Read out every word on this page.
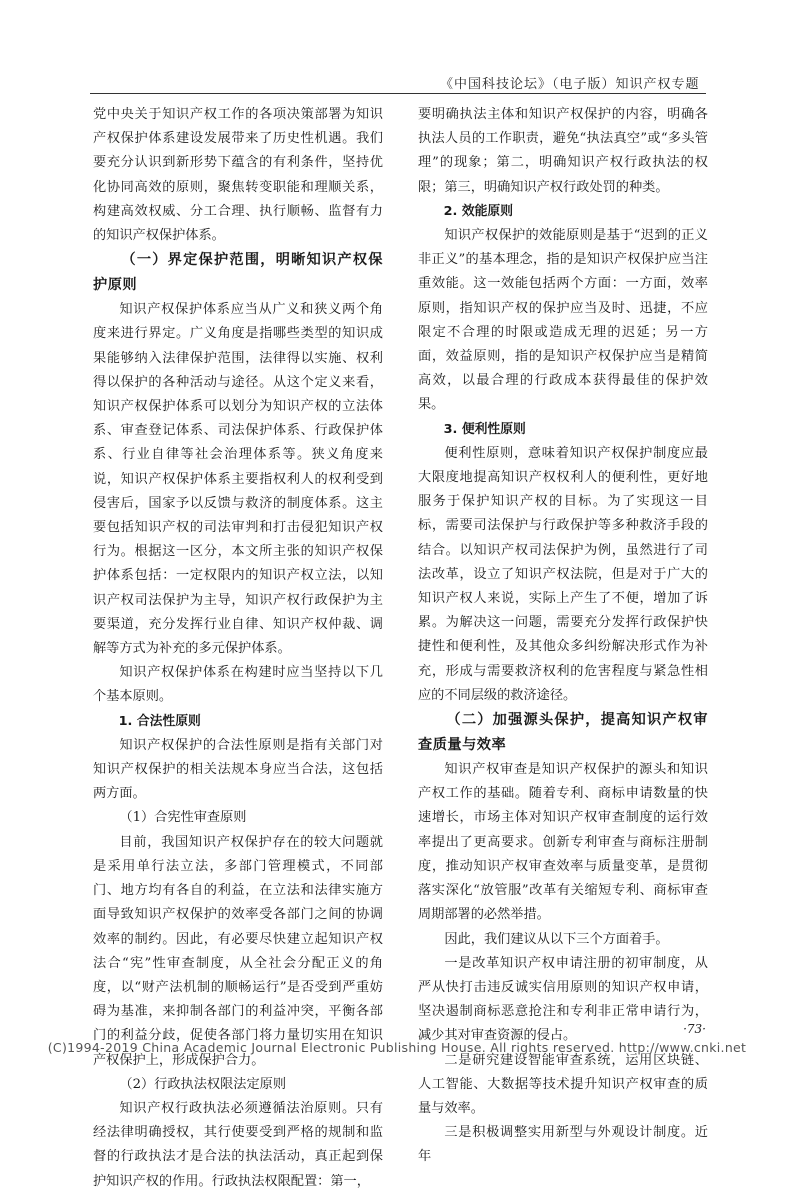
《中国科技论坛》（电子版）知识产权专题

党中央关于知识产权工作的各项决策部署为知识产权保护体系建设发展带来了历史性机遇。我们要充分认识到新形势下蕴含的有利条件，坚持优化协同高效的原则，聚焦转变职能和理顺关系，构建高效权威、分工合理、执行顺畅、监督有力的知识产权保护体系。

（一）界定保护范围，明晰知识产权保护原则

知识产权保护体系应当从广义和狭义两个角度来进行界定。广义角度是指哪些类型的知识成果能够纳入法律保护范围，法律得以实施、权利得以保护的各种活动与途径。从这个定义来看，知识产权保护体系可以划分为知识产权的立法体系、审查登记体系、司法保护体系、行政保护体系、行业自律等社会治理体系等。狭义角度来说，知识产权保护体系主要指权利人的权利受到侵害后，国家予以反馈与救济的制度体系。这主要包括知识产权的司法审判和打击侵犯知识产权行为。根据这一区分，本文所主张的知识产权保护体系包括：一定权限内的知识产权立法，以知识产权司法保护为主导，知识产权行政保护为主要渠道，充分发挥行业自律、知识产权仲裁、调解等方式为补充的多元保护体系。

知识产权保护体系在构建时应当坚持以下几个基本原则。

1. 合法性原则

知识产权保护的合法性原则是指有关部门对知识产权保护的相关法规本身应当合法，这包括两方面。

（1）合宪性审查原则

目前，我国知识产权保护存在的较大问题就是采用单行法立法，多部门管理模式，不同部门、地方均有各自的利益，在立法和法律实施方面导致知识产权保护的效率受各部门之间的协调效率的制约。因此，有必要尽快建立起知识产权法合“宪”性审查制度，从全社会分配正义的角度，以“财产法机制的顺畅运行”是否受到严重妨碍为基准，来抑制各部门的利益冲突，平衡各部门的利益分歧，促使各部门将力量切实用在知识产权保护上，形成保护合力。

（2）行政执法权限法定原则

知识产权行政执法必须遵循法治原则。只有经法律明确授权，其行使要受到严格的规制和监督的行政执法才是合法的执法活动，真正起到保护知识产权的作用。行政执法权限配置：第一，

要明确执法主体和知识产权保护的内容，明确各执法人员的工作职责，避免“执法真空”或“多头管理”的现象；第二，明确知识产权行政执法的权限；第三，明确知识产权行政处罚的种类。

2. 效能原则

知识产权保护的效能原则是基于“迟到的正义非正义”的基本理念，指的是知识产权保护应当注重效能。这一效能包括两个方面：一方面，效率原则，指知识产权的保护应当及时、迅捷，不应限定不合理的时限或造成无理的迟延；另一方面，效益原则，指的是知识产权保护应当是精简高效，以最合理的行政成本获得最佳的保护效果。

3. 便利性原则

便利性原则，意味着知识产权保护制度应最大限度地提高知识产权权利人的便利性，更好地服务于保护知识产权的目标。为了实现这一目标，需要司法保护与行政保护等多种救济手段的结合。以知识产权司法保护为例，虽然进行了司法改革，设立了知识产权法院，但是对于广大的知识产权人来说，实际上产生了不便，增加了诉累。为解决这一问题，需要充分发挥行政保护快捷性和便利性，及其他众多纠纷解决形式作为补充，形成与需要救济权利的危害程度与紧急性相应的不同层级的救济途径。

（二）加强源头保护，提高知识产权审查质量与效率

知识产权审查是知识产权保护的源头和知识产权工作的基础。随着专利、商标申请数量的快速增长，市场主体对知识产权审查制度的运行效率提出了更高要求。创新专利审查与商标注册制度，推动知识产权审查效率与质量变革，是贯彻落实深化“放管服”改革有关缩短专利、商标审查周期部署的必然举措。

因此，我们建议从以下三个方面着手。

一是改革知识产权申请注册的初审制度，从严从快打击违反诚实信用原则的知识产权申请，坚决遏制商标恶意抢注和专利非正常申请行为，减少其对审查资源的侵占。

二是研究建设智能审查系统，运用区块链、人工智能、大数据等技术提升知识产权审查的质量与效率。

三是积极调整实用新型与外观设计制度。近年

·73·
(C)1994-2019 China Academic Journal Electronic Publishing House. All rights reserved. http://www.cnki.net
